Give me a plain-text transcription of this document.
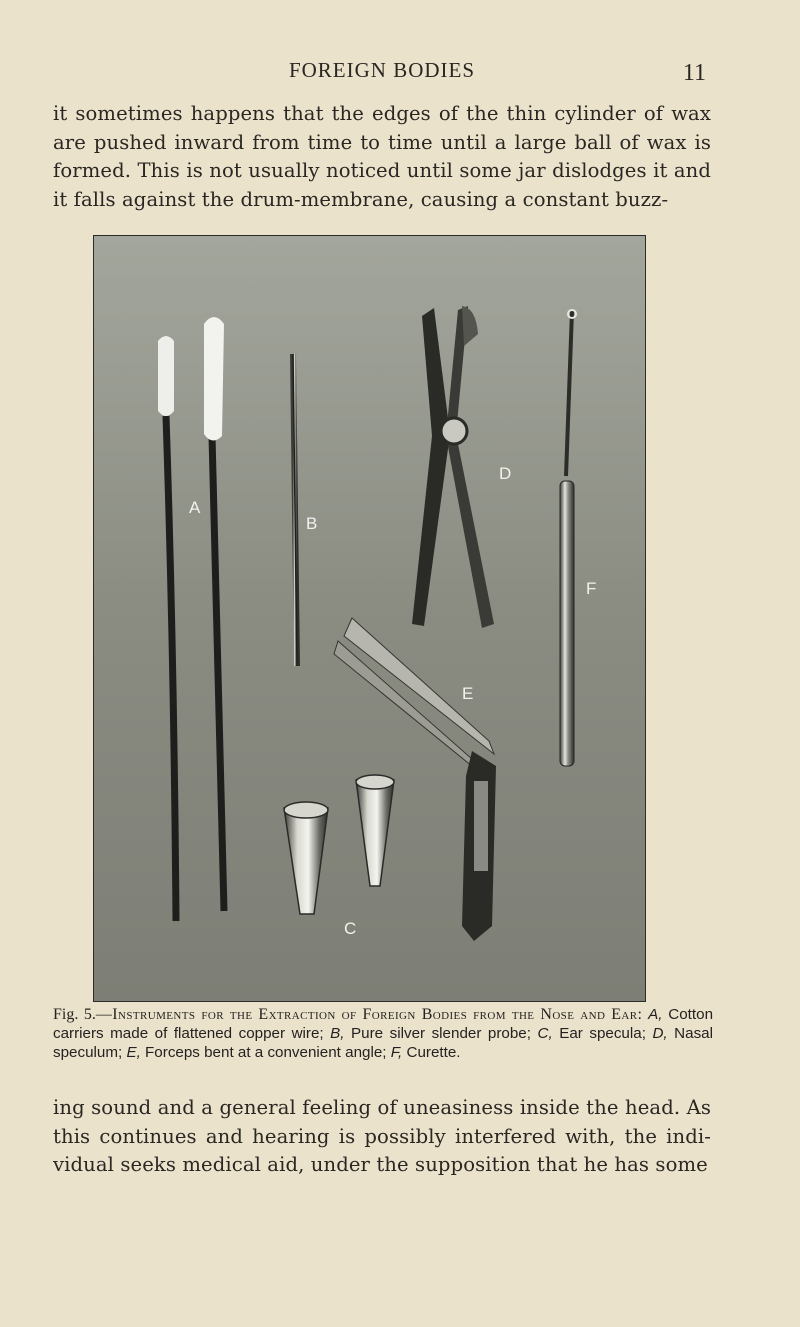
FOREIGN BODIES	11

it sometimes happens that the edges of the thin cylinder of wax are pushed inward from time to time until a large ball of wax is formed. This is not usually noticed until some jar dislodges it and it falls against the drum-membrane, causing a constant buzz-

A
B
D
F
E
C

Fig. 5.—Instruments for the Extraction of Foreign Bodies from the Nose and Ear: A, Cotton carriers made of flattened copper wire; B, Pure silver slender probe; C, Ear specula; D, Nasal speculum; E, Forceps bent at a convenient angle; F, Curette.

ing sound and a general feeling of uneasiness inside the head. As this continues and hearing is possibly interfered with, the indi-vidual seeks medical aid, under the supposition that he has some
